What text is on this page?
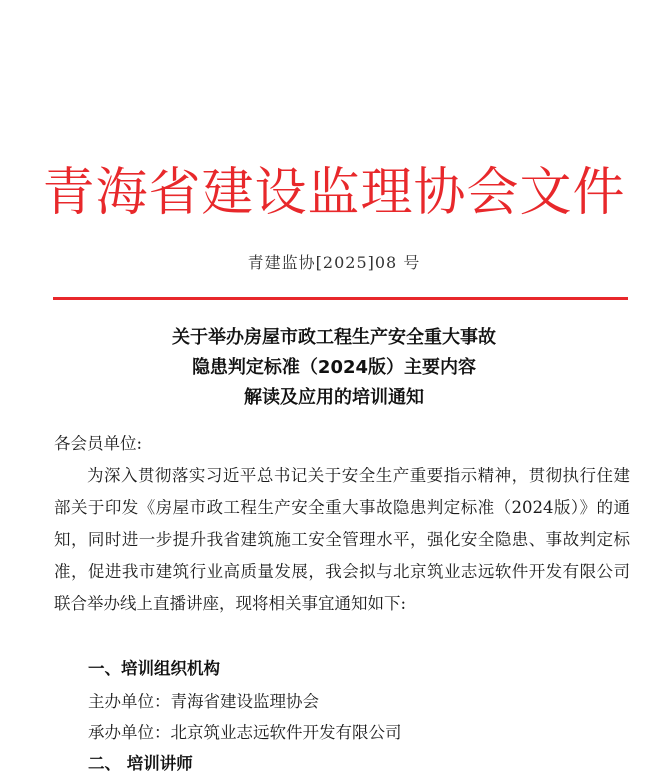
青海省建设监理协会文件
青建监协[2025]08 号
关于举办房屋市政工程生产安全重大事故
隐患判定标准（2024版）主要内容
解读及应用的培训通知
各会员单位:
为深入贯彻落实习近平总书记关于安全生产重要指示精神，贯彻执行住建部关于印发《房屋市政工程生产安全重大事故隐患判定标准（2024版）》的通知，同时进一步提升我省建筑施工安全管理水平，强化安全隐患、事故判定标准，促进我市建筑行业高质量发展，我会拟与北京筑业志远软件开发有限公司联合举办线上直播讲座，现将相关事宜通知如下:
一、培训组织机构
主办单位：青海省建设监理协会
承办单位：北京筑业志远软件开发有限公司
二、 培训讲师
